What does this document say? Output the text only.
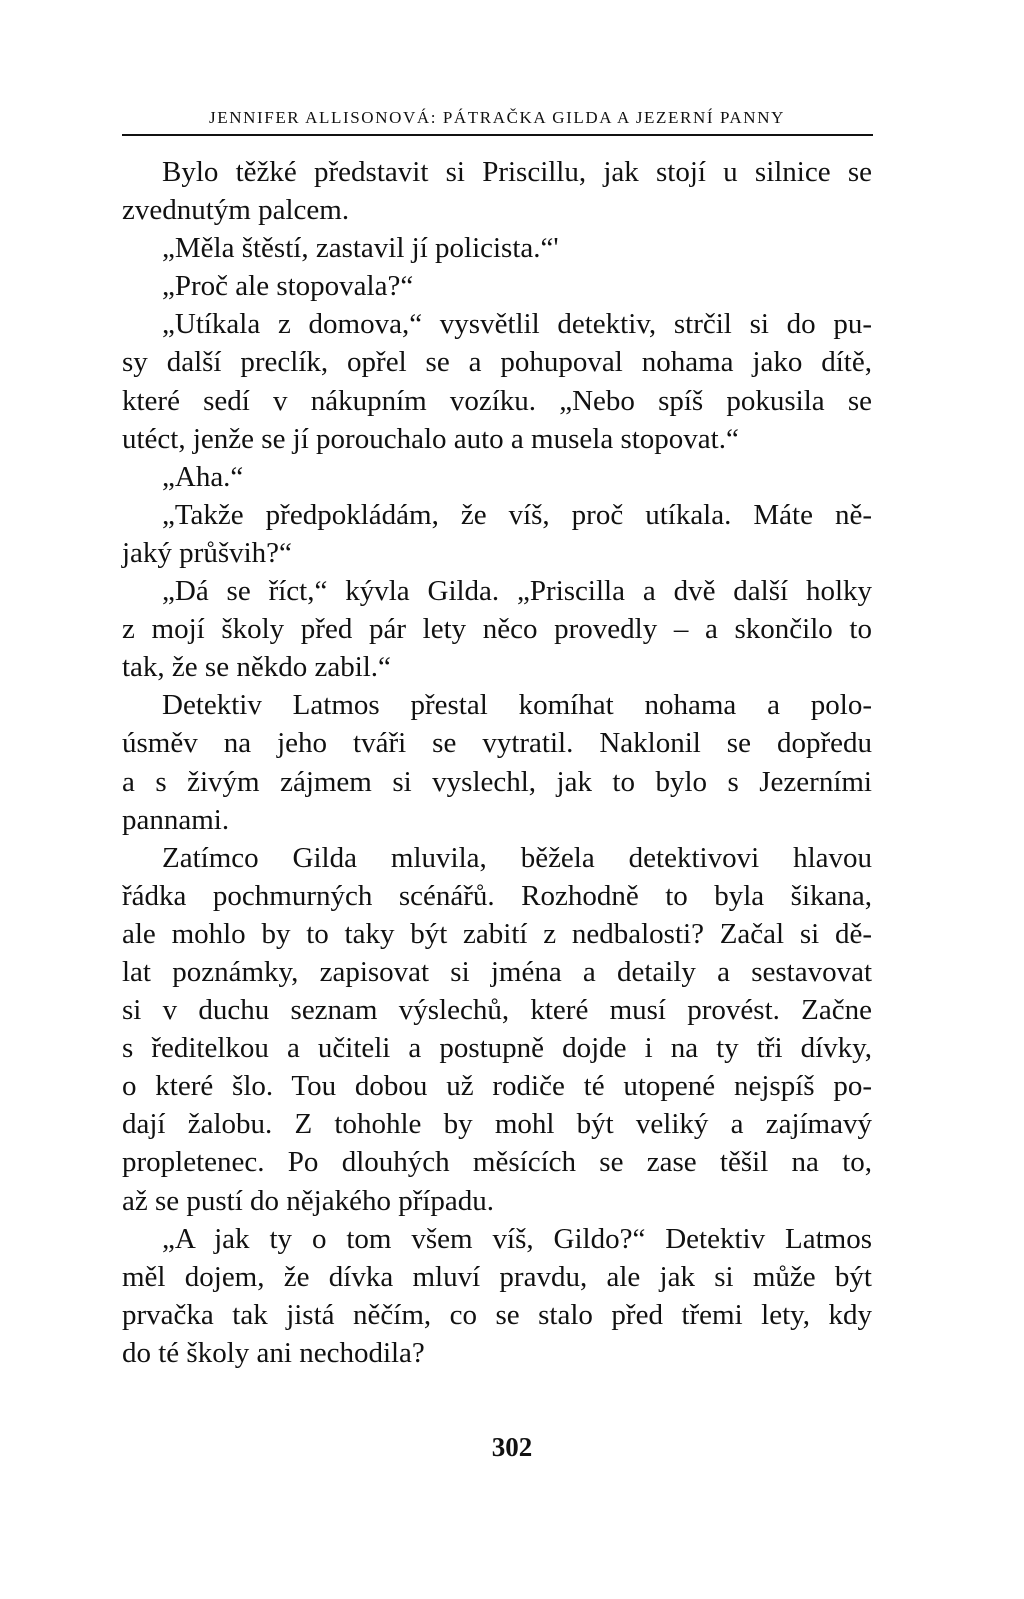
JENNIFER ALLISONOVÁ: PÁTRAČKA GILDA A JEZERNÍ PANNY
Bylo těžké představit si Priscillu, jak stojí u silnice se
zvednutým palcem.
„Měla štěstí, zastavil jí policista.“'
„Proč ale stopovala?“
„Utíkala z domova,“ vysvětlil detektiv, strčil si do pu-
sy další preclík, opřel se a pohupoval nohama jako dítě,
které sedí v nákupním vozíku. „Nebo spíš pokusila se
utéct, jenže se jí porouchalo auto a musela stopovat.“
„Aha.“
„Takže předpokládám, že víš, proč utíkala. Máte ně-
jaký průšvih?“
„Dá se říct,“ kývla Gilda. „Priscilla a dvě další holky
z mojí školy před pár lety něco provedly – a skončilo to
tak, že se někdo zabil.“
Detektiv Latmos přestal komíhat nohama a polo-
úsměv na jeho tváři se vytratil. Naklonil se dopředu
a s živým zájmem si vyslechl, jak to bylo s Jezerními
pannami.
Zatímco Gilda mluvila, běžela detektivovi hlavou
řádka pochmurných scénářů. Rozhodně to byla šikana,
ale mohlo by to taky být zabití z nedbalosti? Začal si dě-
lat poznámky, zapisovat si jména a detaily a sestavovat
si v duchu seznam výslechů, které musí provést. Začne
s ředitelkou a učiteli a postupně dojde i na ty tři dívky,
o které šlo. Tou dobou už rodiče té utopené nejspíš po-
dají žalobu. Z tohohle by mohl být veliký a zajímavý
propletenec. Po dlouhých měsících se zase těšil na to,
až se pustí do nějakého případu.
„A jak ty o tom všem víš, Gildo?“ Detektiv Latmos
měl dojem, že dívka mluví pravdu, ale jak si může být
prvačka tak jistá něčím, co se stalo před třemi lety, kdy
do té školy ani nechodila?
302
